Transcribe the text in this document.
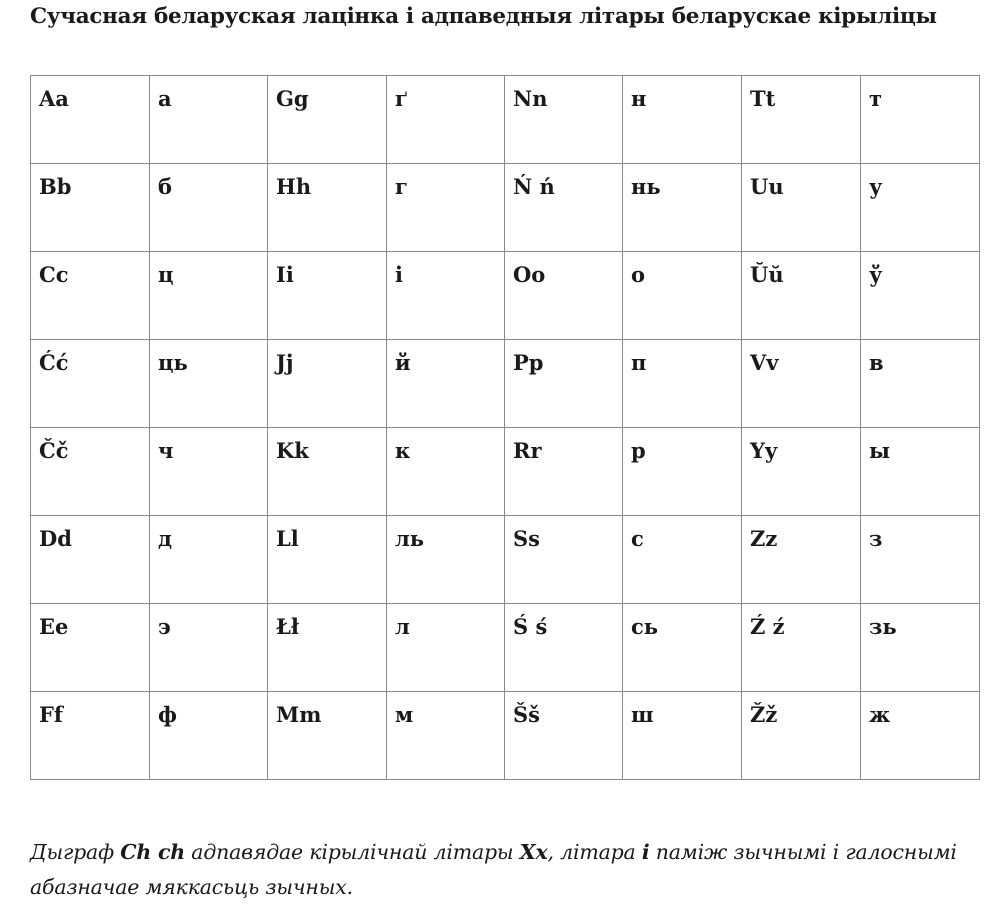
Сучасная беларуская лацінка і адпаведныя літары беларускае кірыліцы
Aa	а	Gg	ґ	Nn	н	Tt	т
Bb	б	Hh	г	Ń ń	нь	Uu	у
Cc	ц	Ii	і	Oo	о	Ŭŭ	ў
Ćć	ць	Jj	й	Pp	п	Vv	в
Čč	ч	Kk	к	Rr	р	Yy	ы
Dd	д	Ll	ль	Ss	с	Zz	з
Ee	э	Łł	л	Ś ś	сь	Ź ź	зь
Ff	ф	Mm	м	Šš	ш	Žž	ж

Дыграф Ch ch адпавядае кірылічнай літары Хх, літара i паміж зычнымі і галоснымі абазначае мяккасьць зычных.
